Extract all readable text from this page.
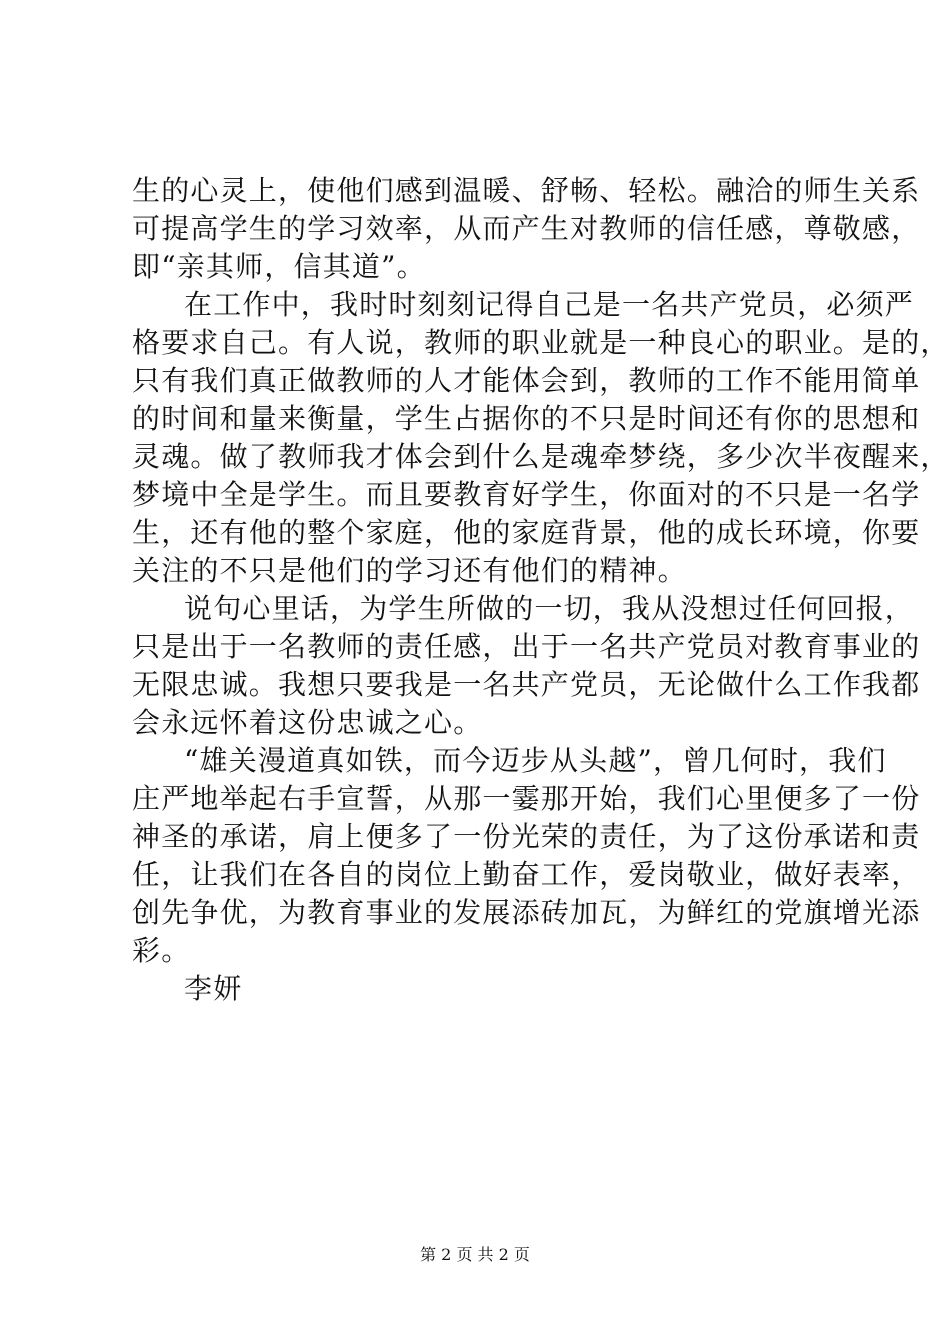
生的心灵上，使他们感到温暖、舒畅、轻松。融洽的师生关系
可提高学生的学习效率，从而产生对教师的信任感，尊敬感，
即“亲其师，信其道”。
在工作中，我时时刻刻记得自己是一名共产党员，必须严
格要求自己。有人说，教师的职业就是一种良心的职业。是的，
只有我们真正做教师的人才能体会到，教师的工作不能用简单
的时间和量来衡量，学生占据你的不只是时间还有你的思想和
灵魂。做了教师我才体会到什么是魂牵梦绕，多少次半夜醒来，
梦境中全是学生。而且要教育好学生，你面对的不只是一名学
生，还有他的整个家庭，他的家庭背景，他的成长环境，你要
关注的不只是他们的学习还有他们的精神。
说句心里话，为学生所做的一切，我从没想过任何回报，
只是出于一名教师的责任感，出于一名共产党员对教育事业的
无限忠诚。我想只要我是一名共产党员，无论做什么工作我都
会永远怀着这份忠诚之心。
“雄关漫道真如铁，而今迈步从头越”，曾几何时，我们
庄严地举起右手宣誓，从那一霎那开始，我们心里便多了一份
神圣的承诺，肩上便多了一份光荣的责任，为了这份承诺和责
任，让我们在各自的岗位上勤奋工作，爱岗敬业，做好表率，
创先争优，为教育事业的发展添砖加瓦，为鲜红的党旗增光添
彩。
李妍
第 2 页 共 2 页
